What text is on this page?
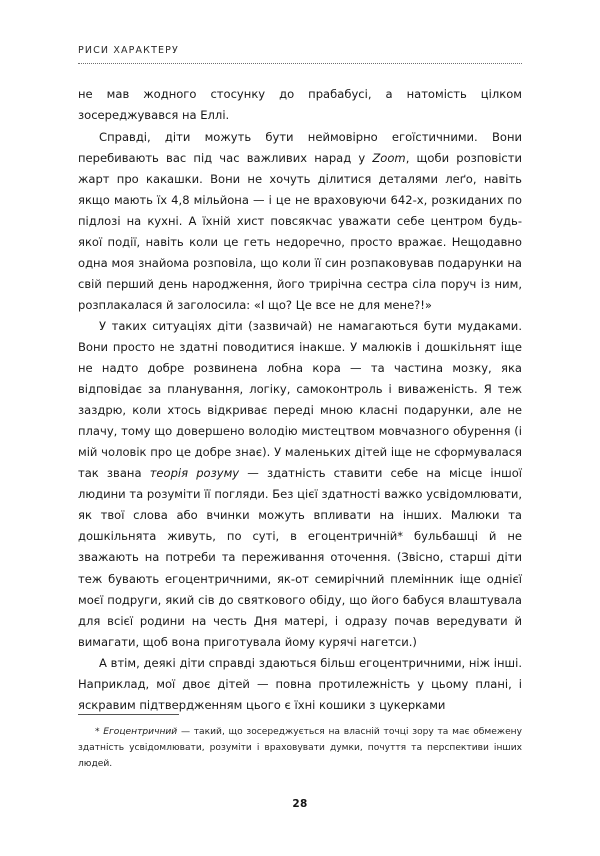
РИСИ ХАРАКТЕРУ

не мав жодного стосунку до прабабусі, а натомість цілком зосереджувався на Еллі.

Справді, діти можуть бути неймовірно егоїстичними. Вони перебивають вас під час важливих нарад у Zoom, щоби розповісти жарт про какашки. Вони не хочуть ділитися деталями леґо, навіть якщо мають їх 4,8 мільйона — і це не враховуючи 642-х, розкиданих по підлозі на кухні. А їхній хист повсякчас уважати себе центром будь-якої події, навіть коли це геть недоречно, просто вражає. Нещодавно одна моя знайома розповіла, що коли її син розпаковував подарунки на свій перший день народження, його трирічна сестра сіла поруч із ним, розплакалася й заголосила: «І що? Це все не для мене?!»

У таких ситуаціях діти (зазвичай) не намагаються бути мудаками. Вони просто не здатні поводитися інакше. У малюків і дошкільнят іще не надто добре розвинена лобна кора — та частина мозку, яка відповідає за планування, логіку, самоконтроль і виваженість. Я теж заздрю, коли хтось відкриває переді мною класні подарунки, але не плачу, тому що довершено володію мистецтвом мовчазного обурення (і мій чоловік про це добре знає). У маленьких дітей іще не сформувалася так звана теорія розуму — здатність ставити себе на місце іншої людини та розуміти її погляди. Без цієї здатності важко усвідомлювати, як твої слова або вчинки можуть впливати на інших. Малюки та дошкільнята живуть, по суті, в егоцентричній* бульбашці й не зважають на потреби та переживання оточення. (Звісно, старші діти теж бувають егоцентричними, як-от семирічний племінник іще однієї моєї подруги, який сів до святкового обіду, що його бабуся влаштувала для всієї родини на честь Дня матері, і одразу почав вередувати й вимагати, щоб вона приготувала йому курячі нагетси.)

А втім, деякі діти справді здаються більш егоцентричними, ніж інші. Наприклад, мої двоє дітей — повна протилежність у цьому плані, і яскравим підтвердженням цього є їхні кошики з цукерками

* Егоцентричний — такий, що зосереджується на власній точці зору та має обмежену здатність усвідомлювати, розуміти і враховувати думки, почуття та перспективи інших людей.
28
